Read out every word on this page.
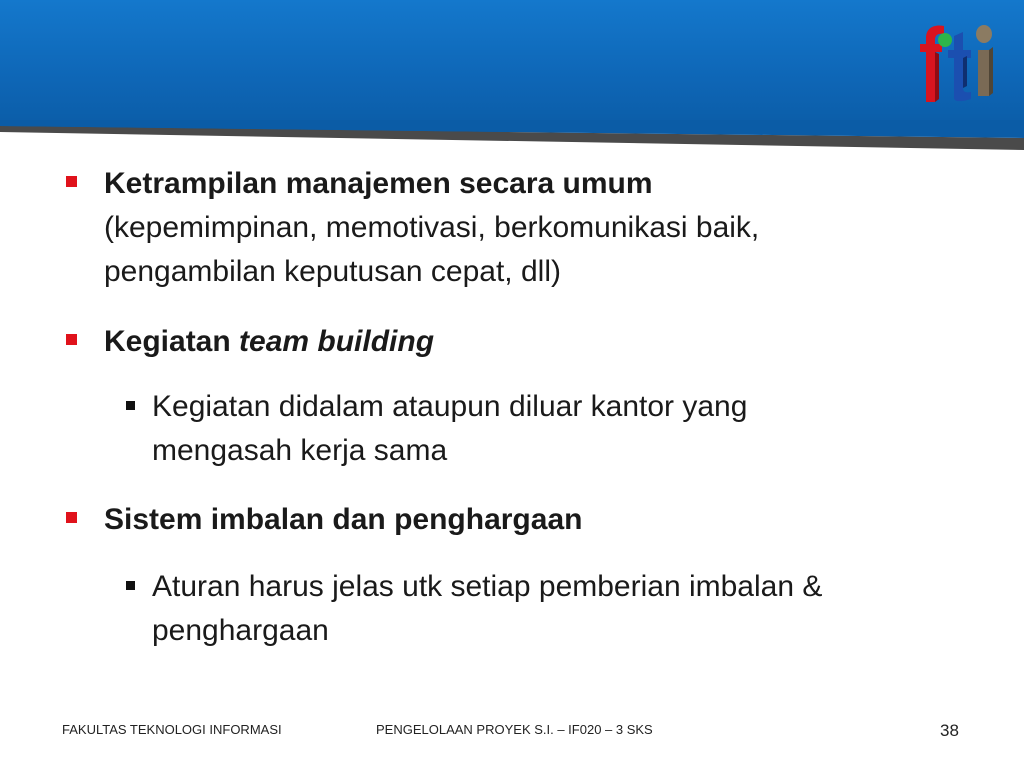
Ketrampilan manajemen secara umum
(kepemimpinan, memotivasi, berkomunikasi baik,
pengambilan keputusan cepat, dll)
Kegiatan team building
Kegiatan didalam ataupun diluar kantor yang
mengasah kerja sama
Sistem imbalan dan penghargaan
Aturan harus jelas utk setiap pemberian imbalan &
penghargaan
FAKULTAS TEKNOLOGI INFORMASI	PENGELOLAAN PROYEK S.I. – IF020 – 3 SKS	38
